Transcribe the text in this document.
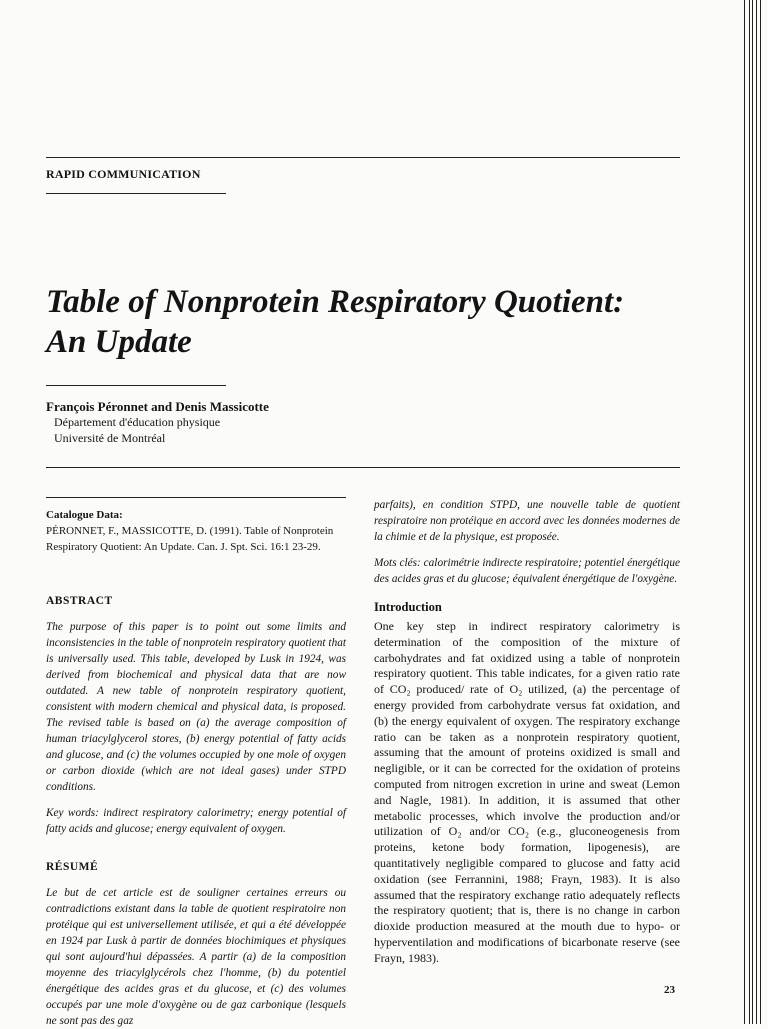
RAPID COMMUNICATION
Table of Nonprotein Respiratory Quotient:
An Update
François Péronnet and Denis Massicotte
Département d'éducation physique
Université de Montréal

Catalogue Data:

PÉRONNET, F., MASSICOTTE, D. (1991). Table of Nonprotein

Respiratory Quotient: An Update. Can. J. Spt. Sci. 16:1 23-29.

ABSTRACT

The purpose of this paper is to point out some limits and inconsistencies in the table of nonprotein respiratory quotient that is universally used. This table, developed by Lusk in 1924, was derived from biochemical and physical data that are now outdated. A new table of nonprotein respiratory quotient, consistent with modern chemical and physical data, is proposed. The revised table is based on (a) the average composition of human triacylglycerol stores, (b) energy potential of fatty acids and glucose, and (c) the volumes occupied by one mole of oxygen or carbon dioxide (which are not ideal gases) under STPD conditions.

Key words: indirect respiratory calorimetry; energy potential of fatty acids and glucose; energy equivalent of oxygen.

RÉSUMÉ

Le but de cet article est de souligner certaines erreurs ou contradictions existant dans la table de quotient respiratoire non protéique qui est universellement utilisée, et qui a été développée en 1924 par Lusk à partir de données biochimiques et physiques qui sont aujourd'hui dépassées. A partir (a) de la composition moyenne des triacylglycérols chez l'homme, (b) du potentiel énergétique des acides gras et du glucose, et (c) des volumes occupés par une mole d'oxygène ou de gaz carbonique (lesquels ne sont pas des gaz

parfaits), en condition STPD, une nouvelle table de quotient respiratoire non protéique en accord avec les données modernes de la chimie et de la physique, est proposée.

Mots clés: calorimétrie indirecte respiratoire; potentiel énergétique des acides gras et du glucose; équivalent énergétique de l'oxygène.

Introduction

One key step in indirect respiratory calorimetry is determination of the composition of the mixture of carbohydrates and fat oxidized using a table of nonprotein respiratory quotient. This table indicates, for a given ratio rate of CO₂ produced/ rate of O₂ utilized, (a) the percentage of energy provided from carbohydrate versus fat oxidation, and (b) the energy equivalent of oxygen. The respiratory exchange ratio can be taken as a nonprotein respiratory quotient, assuming that the amount of proteins oxidized is small and negligible, or it can be corrected for the oxidation of proteins computed from nitrogen excretion in urine and sweat (Lemon and Nagle, 1981). In addition, it is assumed that other metabolic processes, which involve the production and/or utilization of O₂ and/or CO₂ (e.g., gluconeogenesis from proteins, ketone body formation, lipogenesis), are quantitatively negligible compared to glucose and fatty acid oxidation (see Ferrannini, 1988; Frayn, 1983). It is also assumed that the respiratory exchange ratio adequately reflects the respiratory quotient; that is, there is no change in carbon dioxide production measured at the mouth due to hypo- or hyperventilation and modifications of bicarbonate reserve (see Frayn, 1983).

23
